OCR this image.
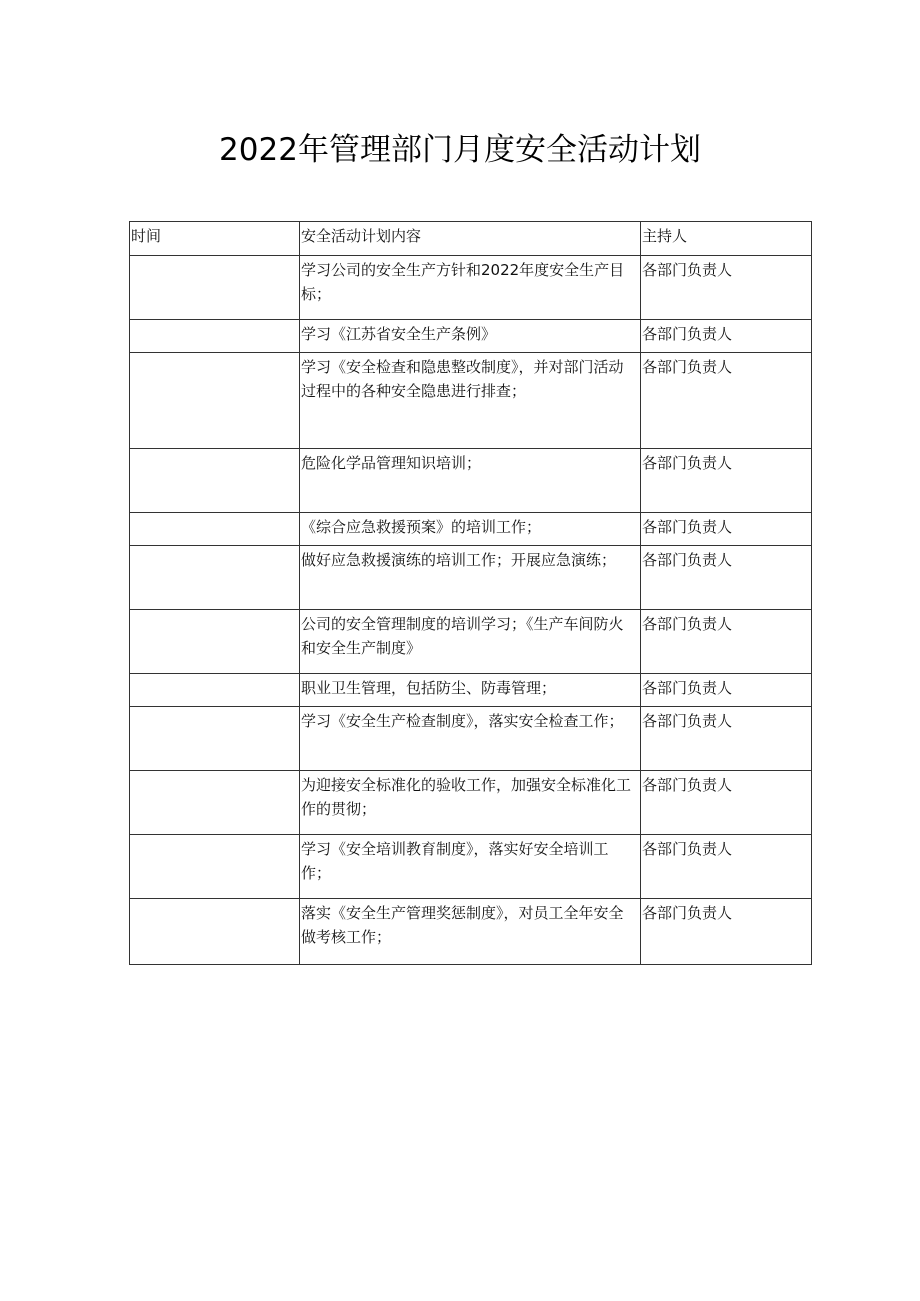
2022年管理部门月度安全活动计划
时间	安全活动计划内容	主持人
	学习公司的安全生产方针和2022年度安全生产目标；	各部门负责人
	学习《江苏省安全生产条例》	各部门负责人
	学习《安全检查和隐患整改制度》，并对部门活动过程中的各种安全隐患进行排查；	各部门负责人
	危险化学品管理知识培训；	各部门负责人
	《综合应急救援预案》的培训工作；	各部门负责人
	做好应急救援演练的培训工作；开展应急演练；	各部门负责人
	公司的安全管理制度的培训学习；《生产车间防火和安全生产制度》	各部门负责人
	职业卫生管理，包括防尘、防毒管理；	各部门负责人
	学习《安全生产检查制度》，落实安全检查工作；	各部门负责人
	为迎接安全标准化的验收工作，加强安全标准化工作的贯彻；	各部门负责人
	学习《安全培训教育制度》，落实好安全培训工作；	各部门负责人
	落实《安全生产管理奖惩制度》，对员工全年安全做考核工作；	各部门负责人
